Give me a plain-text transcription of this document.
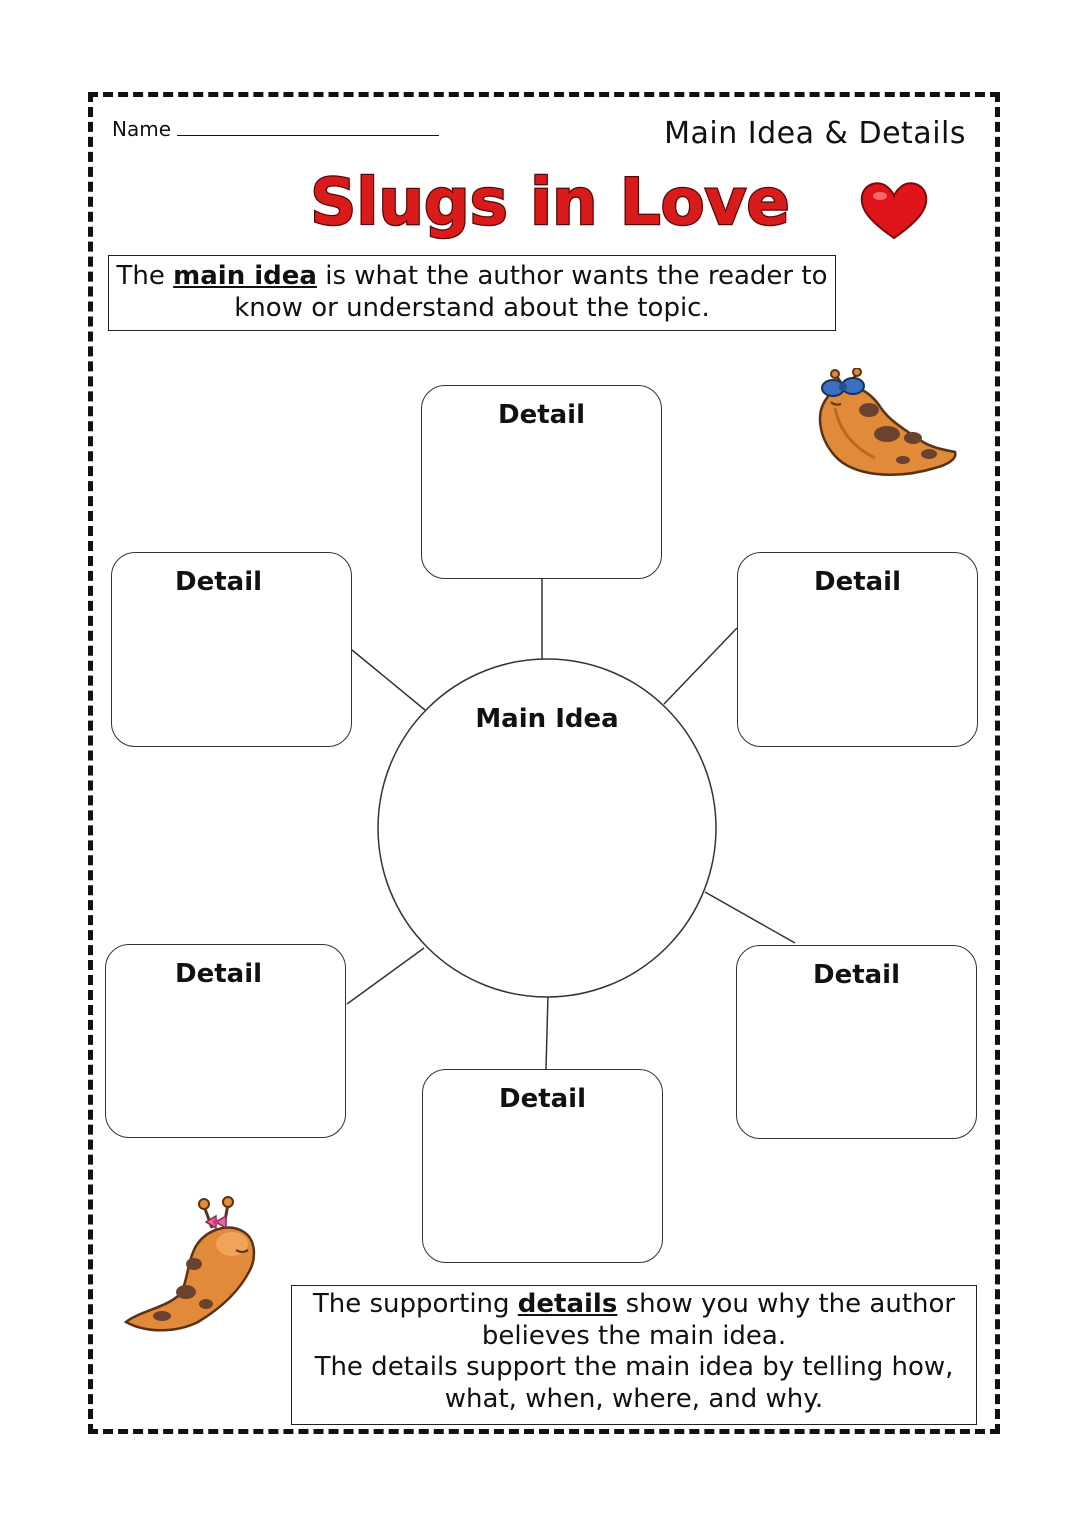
Name	Main Idea & Details
Slugs in Love
The main idea is what the author wants the reader to know or understand about the topic.
Main Idea
Detail
Detail	Detail
Detail	Detail
Detail
The supporting details show you why the author believes the main idea.
The details support the main idea by telling how, what, when, where, and why.
